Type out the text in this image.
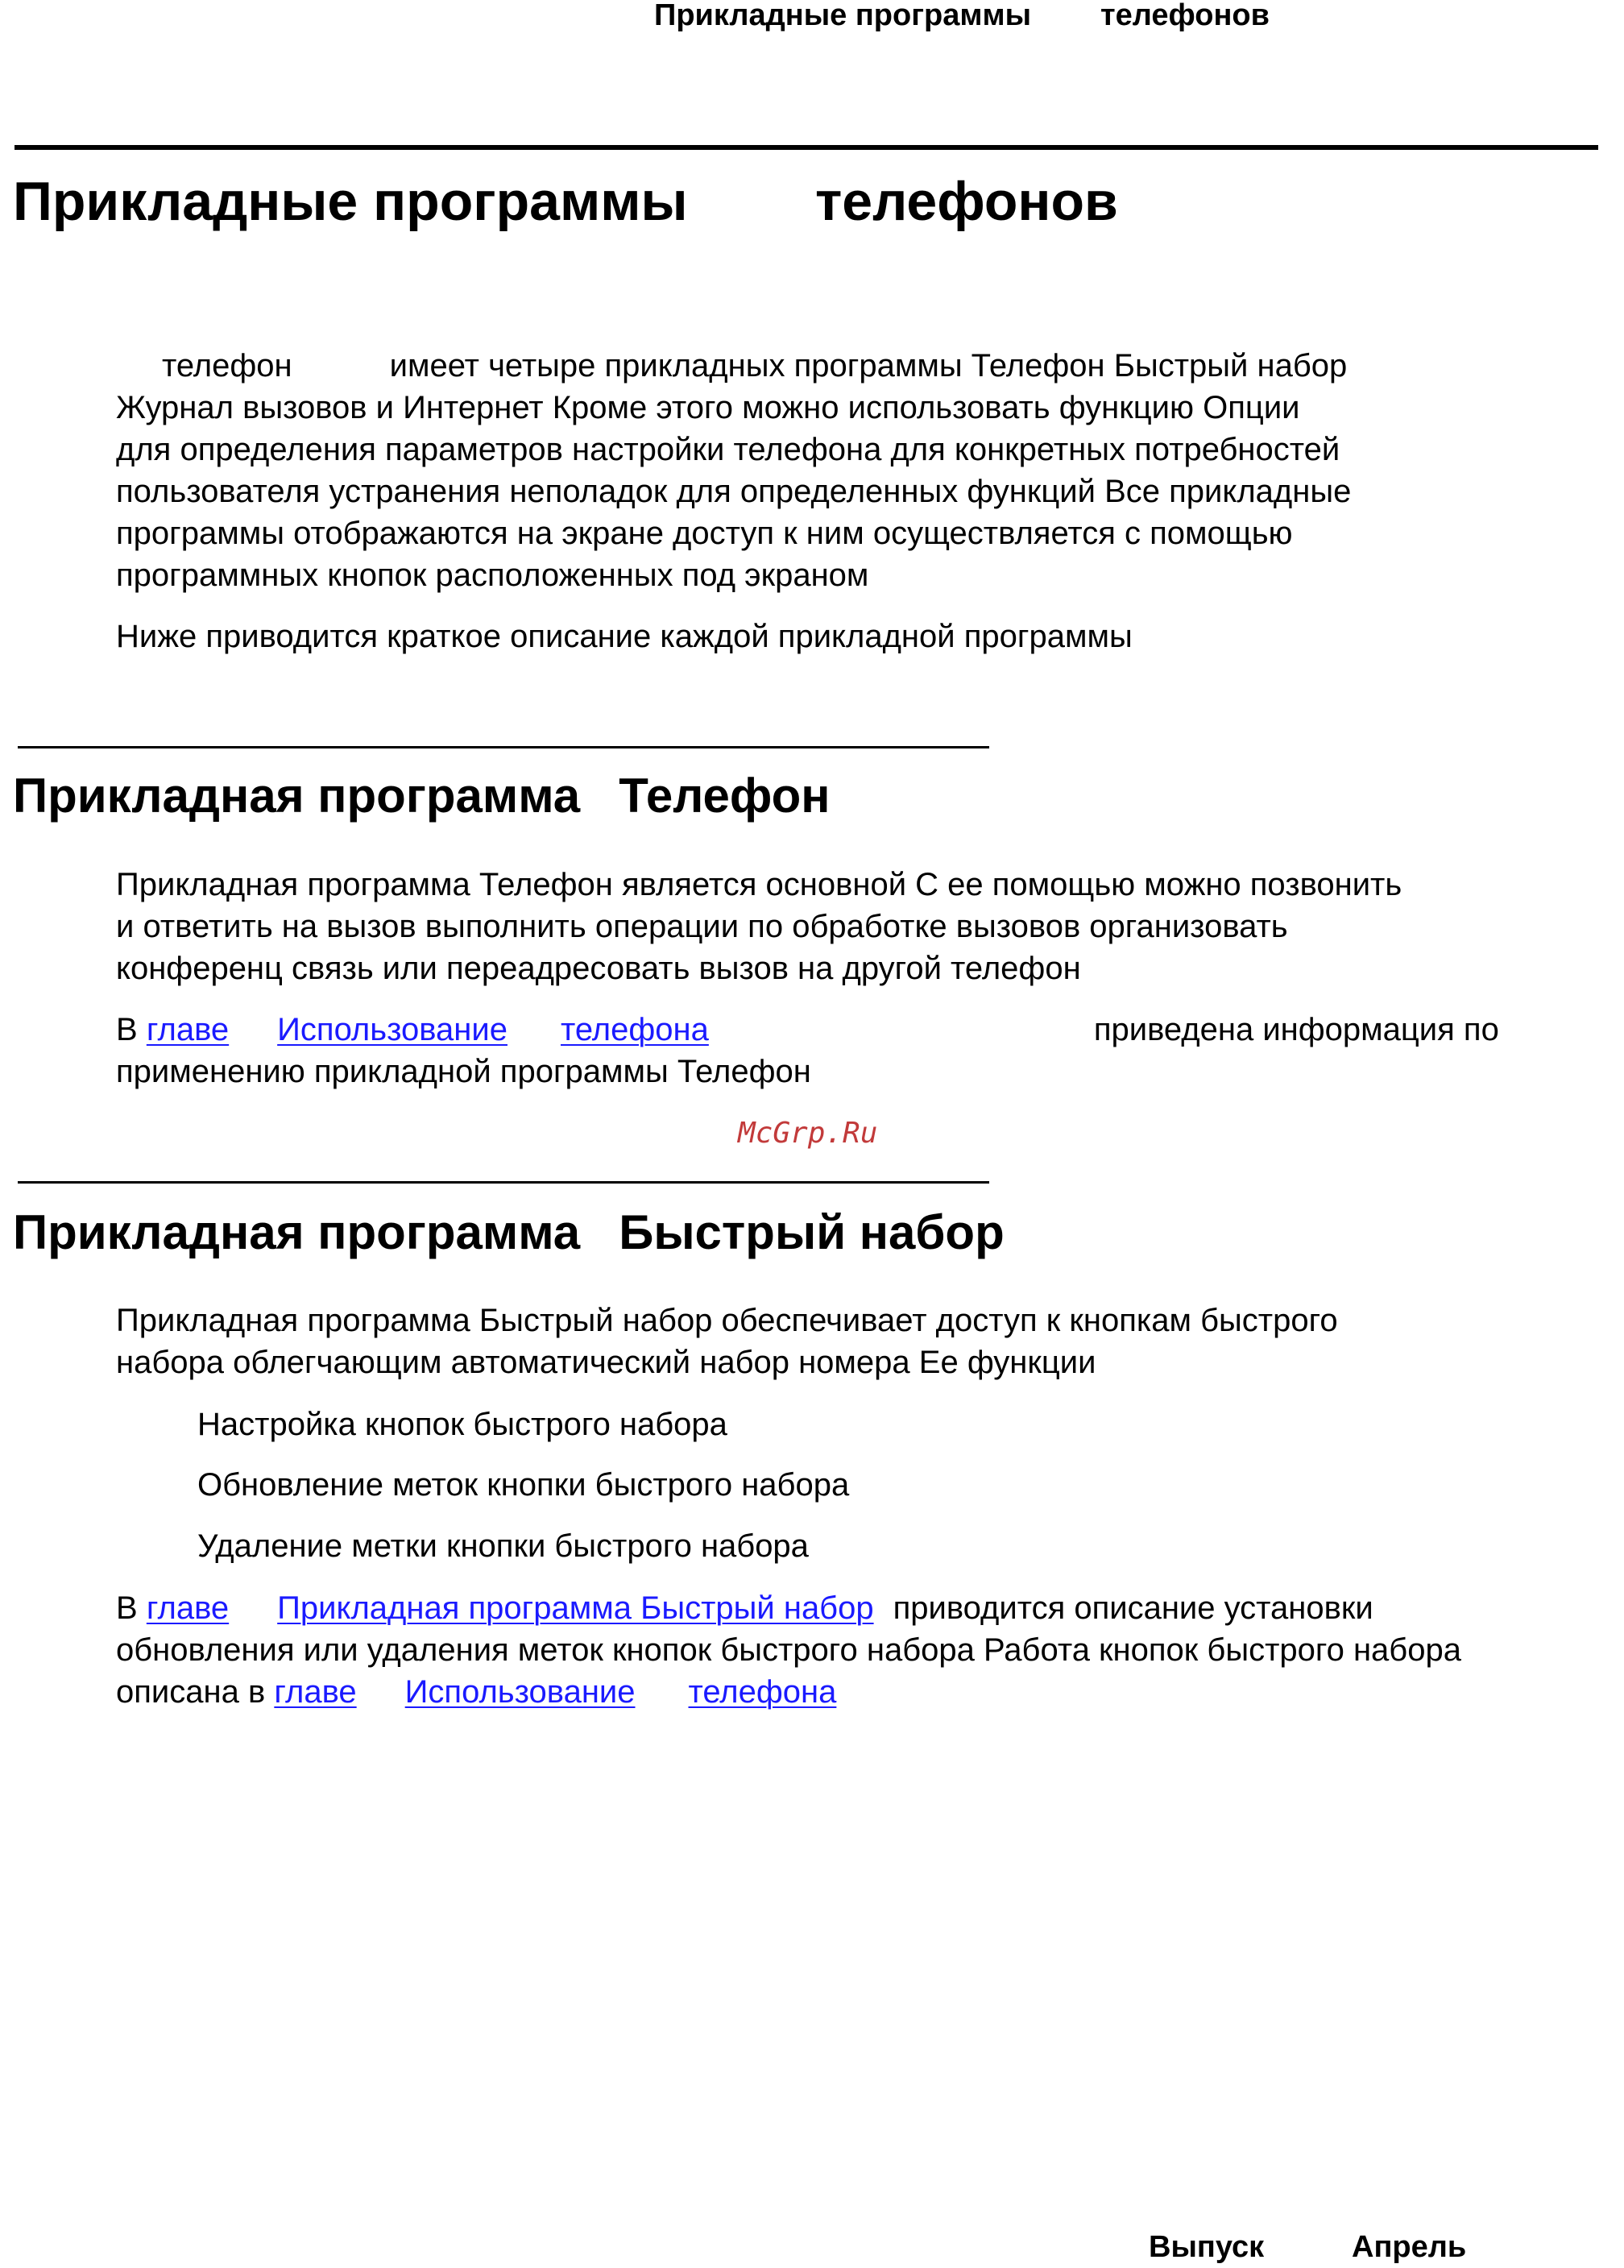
Прикладные программы телефонов
Прикладные программы телефонов
телефон	имеет четыре прикладных программы Телефон Быстрый набор
Журнал вызовов и Интернет Кроме этого можно использовать функцию Опции
для определения параметров настройки телефона для конкретных потребностей
пользователя устранения неполадок для определенных функций Все прикладные
программы отображаются на экране доступ к ним осуществляется с помощью
программных кнопок расположенных под экраном
Ниже приводится краткое описание каждой прикладной программы
Прикладная программа Телефон
Прикладная программа Телефон является основной С ее помощью можно позвонить
и ответить на вызов выполнить операции по обработке вызовов организовать
конференц связь или переадресовать вызов на другой телефон
В главе Использование телефона	приведена информация по
применению прикладной программы Телефон
McGrp.Ru
Прикладная программа Быстрый набор
Прикладная программа Быстрый набор обеспечивает доступ к кнопкам быстрого
набора облегчающим автоматический набор номера Ее функции
Настройка кнопок быстрого набора
Обновление меток кнопки быстрого набора
Удаление метки кнопки быстрого набора
В главе Прикладная программа Быстрый набор приводится описание установки
обновления или удаления меток кнопок быстрого набора Работа кнопок быстрого набора
описана в главе Использование телефона
Выпуск	Апрель
